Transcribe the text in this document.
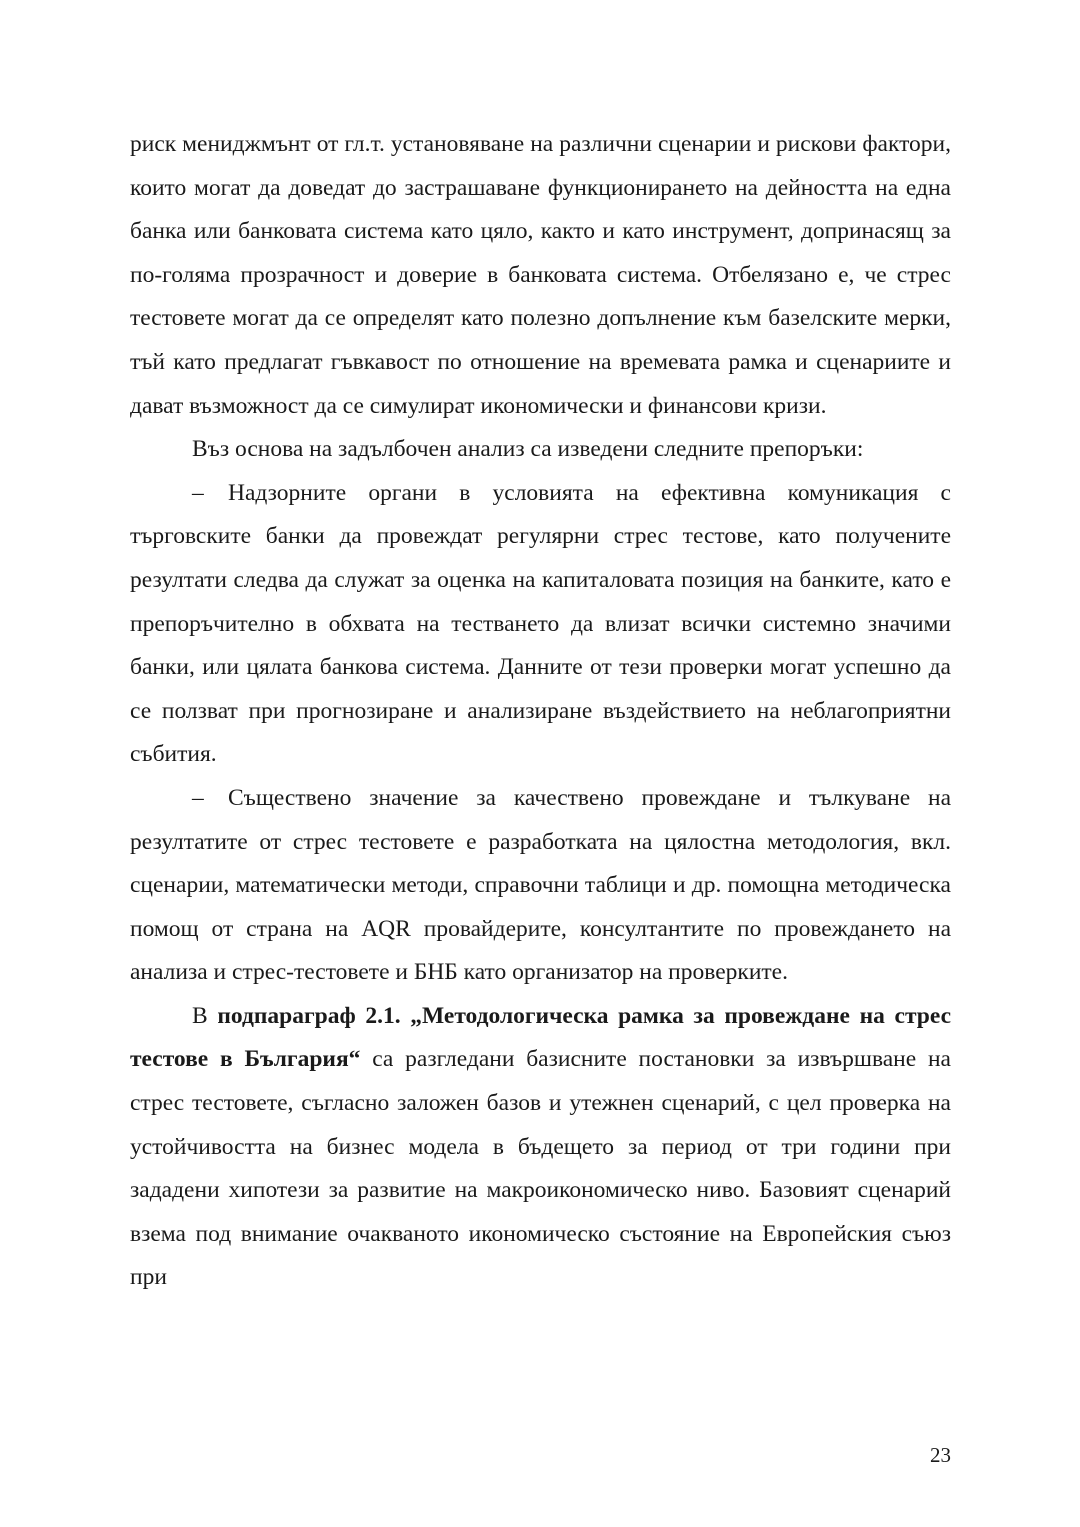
риск мениджмънт от гл.т. установяване на различни сценарии и рискови фактори, които могат да доведат до застрашаване функционирането на дейността на една банка или банковата система като цяло, както и като инструмент, допринасящ за по-голяма прозрачност и доверие в банковата система. Отбелязано е, че стрес тестовете могат да се определят като полезно допълнение към базелските мерки, тъй като предлагат гъвкавост по отношение на времевата рамка и сценариите и дават възможност да се симулират икономически и финансови кризи.

Въз основа на задълбочен анализ са изведени следните препоръки:

– Надзорните органи в условията на ефективна комуникация с търговските банки да провеждат регулярни стрес тестове, като получените резултати следва да служат за оценка на капиталовата позиция на банките, като е препоръчително в обхвата на тестването да влизат всички системно значими банки, или цялата банкова система. Данните от тези проверки могат успешно да се ползват при прогнозиране и анализиране въздействието на неблагоприятни събития.

– Съществено значение за качествено провеждане и тълкуване на резултатите от стрес тестовете е разработката на цялостна методология, вкл. сценарии, математически методи, справочни таблици и др. помощна методическа помощ от страна на AQR провайдерите, консултантите по провеждането на анализа и стрес-тестовете и БНБ като организатор на проверките.

В подпараграф 2.1. „Методологическа рамка за провеждане на стрес тестове в България“ са разгледани базисните постановки за извършване на стрес тестовете, съгласно заложен базов и утежнен сценарий, с цел проверка на устойчивостта на бизнес модела в бъдещето за период от три години при зададени хипотези за развитие на макроикономическо ниво. Базовият сценарий взема под внимание очакваното икономическо състояние на Европейския съюз при

23
